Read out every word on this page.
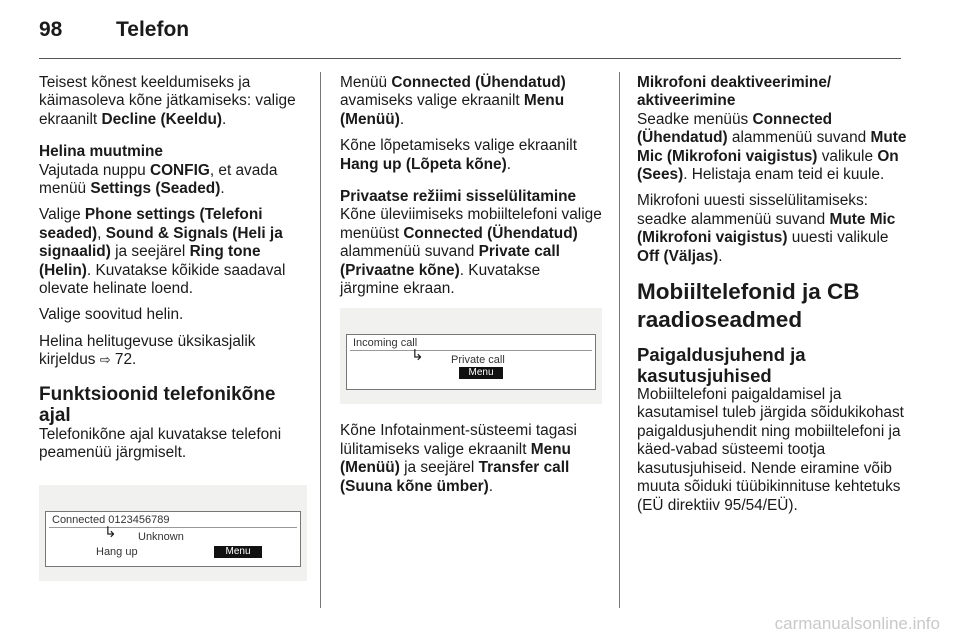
98	Telefon

Teisest kõnest keeldumiseks ja käimasoleva kõne jätkamiseks: valige ekraanilt Decline (Keeldu).

Helina muutmine

Vajutada nuppu CONFIG, et avada menüü Settings (Seaded).

Valige Phone settings (Telefoni seaded), Sound & Signals (Heli ja signaalid) ja seejärel Ring tone (Helin). Kuvatakse kõikide saadaval olevate helinate loend.

Valige soovitud helin.

Helina helitugevuse üksikasjalik kirjeldus ⇨ 72.

Funktsioonid telefonikõne ajal

Telefonikõne ajal kuvatakse telefoni peamenüü järgmiselt.

Connected 0123456789
↳ Unknown
Hang up	Menu

Menüü Connected (Ühendatud) avamiseks valige ekraanilt Menu (Menüü).

Kõne lõpetamiseks valige ekraanilt Hang up (Lõpeta kõne).

Privaatse režiimi sisselülitamine

Kõne üleviimiseks mobiiltelefoni valige menüüst Connected (Ühendatud) alammenüü suvand Private call (Privaatne kõne). Kuvatakse järgmine ekraan.

Incoming call
↳ Private call
Menu

Kõne Infotainment-süsteemi tagasi lülitamiseks valige ekraanilt Menu (Menüü) ja seejärel Transfer call (Suuna kõne ümber).

Mikrofoni deaktiveerimine/ aktiveerimine

Seadke menüüs Connected (Ühendatud) alammenüü suvand Mute Mic (Mikrofoni vaigistus) valikule On (Sees). Helistaja enam teid ei kuule.

Mikrofoni uuesti sisselülitamiseks: seadke alammenüü suvand Mute Mic (Mikrofoni vaigistus) uuesti valikule Off (Väljas).

Mobiiltelefonid ja CB raadioseadmed

Paigaldusjuhend ja kasutusjuhised

Mobiiltelefoni paigaldamisel ja kasutamisel tuleb järgida sõidukikohast paigaldusjuhendit ning mobiiltelefoni ja käed-vabad süsteemi tootja kasutusjuhiseid. Nende eiramine võib muuta sõiduki tüübikinnituse kehtetuks (EÜ direktiiv 95/54/EÜ).

carmanualsonline.info
